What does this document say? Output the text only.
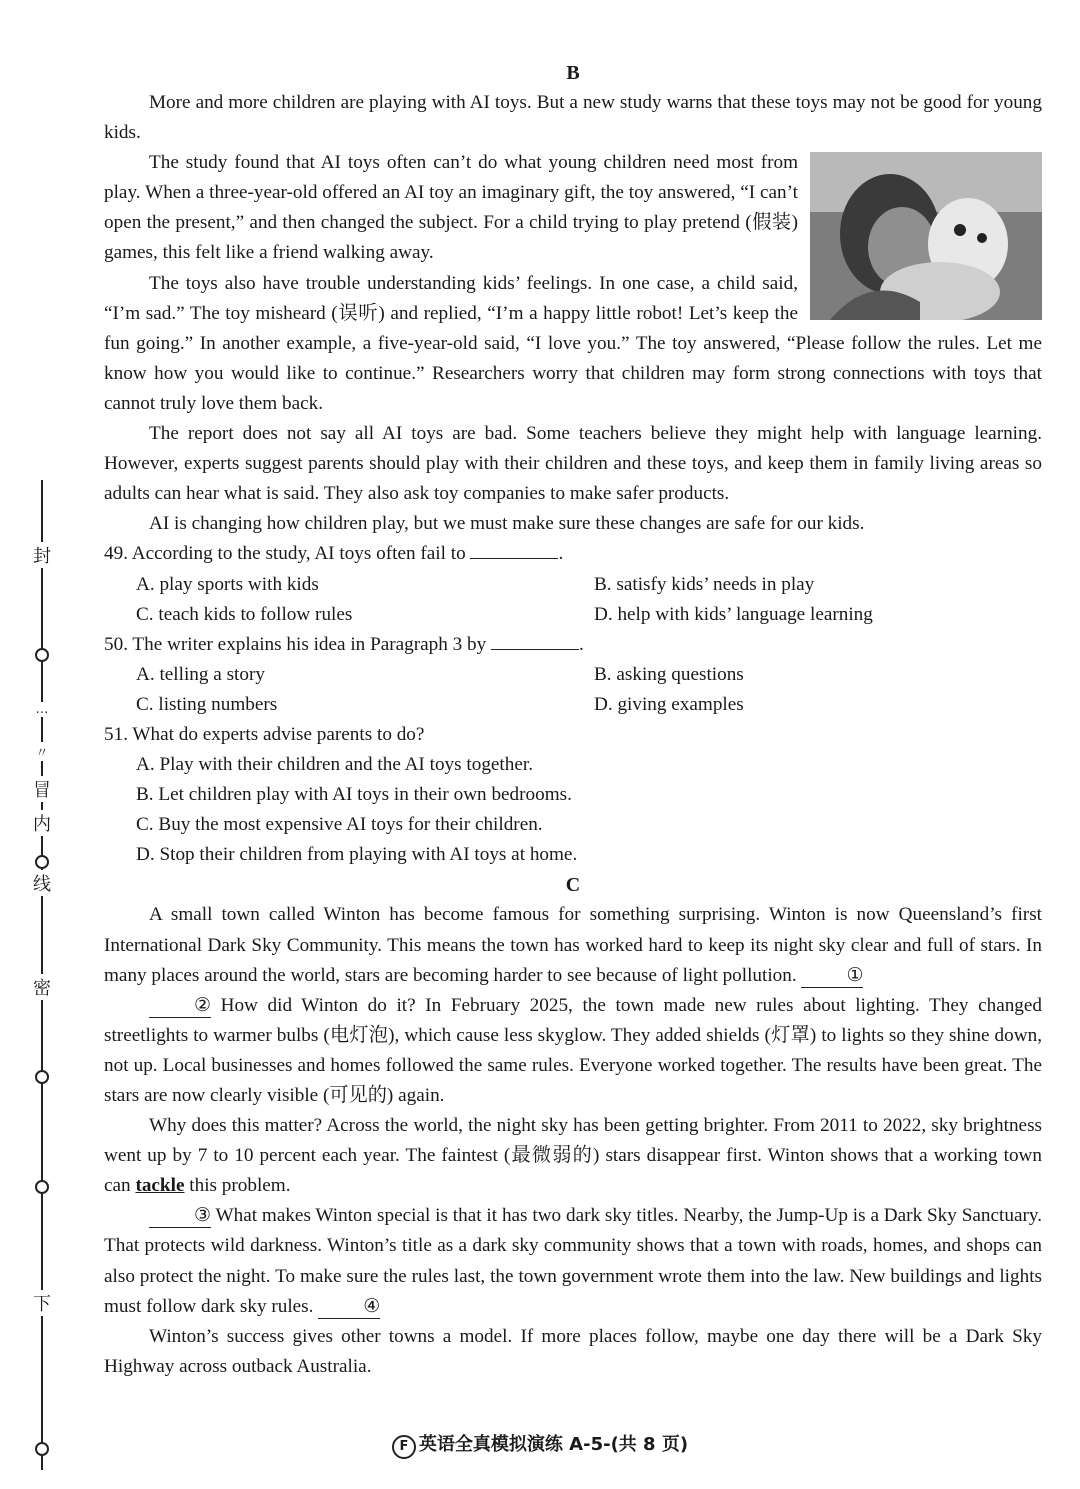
封
…
〃
冒
内
线
密
下
B

More and more children are playing with AI toys. But a new study warns that these toys may not be good for young kids.

The study found that AI toys often can’t do what young children need most from play. When a three-year-old offered an AI toy an imaginary gift, the toy answered, “I can’t open the present,” and then changed the subject. For a child trying to play pretend (假装) games, this felt like a friend walking away.

The toys also have trouble understanding kids’ feelings. In one case, a child said, “I’m sad.” The toy misheard (误听) and replied, “I’m a happy little robot! Let’s keep the fun going.” In another example, a five-year-old said, “I love you.” The toy answered, “Please follow the rules. Let me know how you would like to continue.” Researchers worry that children may form strong connections with toys that cannot truly love them back.

The report does not say all AI toys are bad. Some teachers believe they might help with language learning. However, experts suggest parents should play with their children and these toys, and keep them in family living areas so adults can hear what is said. They also ask toy companies to make safer products.

AI is changing how children play, but we must make sure these changes are safe for our kids.

49. According to the study, AI toys often fail to	.
A. play sports with kids	B. satisfy kids’ needs in play
C. teach kids to follow rules	D. help with kids’ language learning
50. The writer explains his idea in Paragraph 3 by	.
A. telling a story	B. asking questions
C. listing numbers	D. giving examples
51. What do experts advise parents to do?
A. Play with their children and the AI toys together.
B. Let children play with AI toys in their own bedrooms.
C. Buy the most expensive AI toys for their children.
D. Stop their children from playing with AI toys at home.
C

A small town called Winton has become famous for something surprising. Winton is now Queensland’s first International Dark Sky Community. This means the town has worked hard to keep its night sky clear and full of stars. In many places around the world, stars are becoming harder to see because of light pollution.	①

② How did Winton do it? In February 2025, the town made new rules about lighting. They changed streetlights to warmer bulbs (电灯泡), which cause less skyglow. They added shields (灯罩) to lights so they shine down, not up. Local businesses and homes followed the same rules. Everyone worked together. The results have been great. The stars are now clearly visible (可见的) again.

Why does this matter? Across the world, the night sky has been getting brighter. From 2011 to 2022, sky brightness went up by 7 to 10 percent each year. The faintest (最微弱的) stars disappear first. Winton shows that a working town can tackle this problem.

③ What makes Winton special is that it has two dark sky titles. Nearby, the Jump-Up is a Dark Sky Sanctuary. That protects wild darkness. Winton’s title as a dark sky community shows that a town with roads, homes, and shops can also protect the night. To make sure the rules last, the town government wrote them into the law. New buildings and lights must follow dark sky rules.	④

Winton’s success gives other towns a model. If more places follow, maybe one day there will be a Dark Sky Highway across outback Australia.

F 英语全真模拟演练 A-5-(共 8 页)
